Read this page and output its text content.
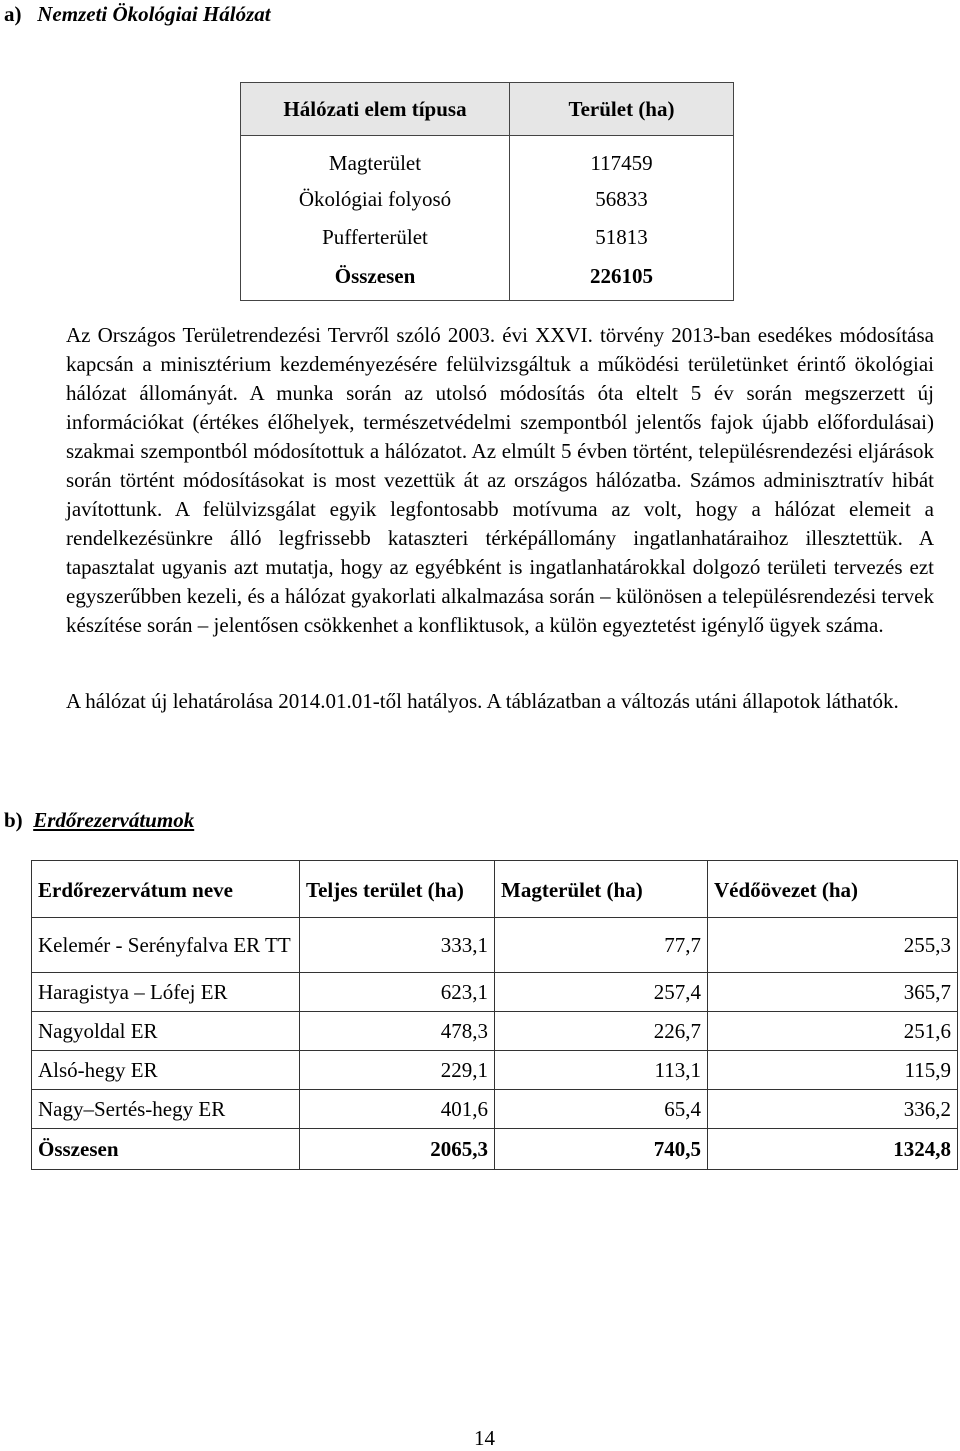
a) Nemzeti Ökológiai Hálózat
Hálózati elem típusa	Terület (ha)
Magterület	117459
Ökológiai folyosó	56833
Pufferterület	51813
Összesen	226105

Az Országos Területrendezési Tervről szóló 2003. évi XXVI. törvény 2013-ban esedékes módosítása kapcsán a minisztérium kezdeményezésére felülvizsgáltuk a működési területünket érintő ökológiai hálózat állományát. A munka során az utolsó módosítás óta eltelt 5 év során megszerzett új információkat (értékes élőhelyek, természetvédelmi szempontból jelentős fajok újabb előfordulásai) szakmai szempontból módosítottuk a hálózatot. Az elmúlt 5 évben történt, településrendezési eljárások során történt módosításokat is most vezettük át az országos hálózatba. Számos adminisztratív hibát javítottunk. A felülvizsgálat egyik legfontosabb motívuma az volt, hogy a hálózat elemeit a rendelkezésünkre álló legfrissebb kataszteri térképállomány ingatlanhatáraihoz illesztettük. A tapasztalat ugyanis azt mutatja, hogy az egyébként is ingatlanhatárokkal dolgozó területi tervezés ezt egyszerűbben kezeli, és a hálózat gyakorlati alkalmazása során – különösen a településrendezési tervek készítése során – jelentősen csökkenhet a konfliktusok, a külön egyeztetést igénylő ügyek száma.

A hálózat új lehatárolása 2014.01.01-től hatályos. A táblázatban a változás utáni állapotok láthatók.

b) Erdőrezervátumok
Erdőrezervátum neve	Teljes terület (ha)	Magterület (ha)	Védőövezet (ha)
Kelemér - Serényfalva ER TT	333,1	77,7	255,3
Haragistya – Lófej ER	623,1	257,4	365,7
Nagyoldal ER	478,3	226,7	251,6
Alsó-hegy ER	229,1	113,1	115,9
Nagy–Sertés-hegy ER	401,6	65,4	336,2
Összesen	2065,3	740,5	1324,8
14
